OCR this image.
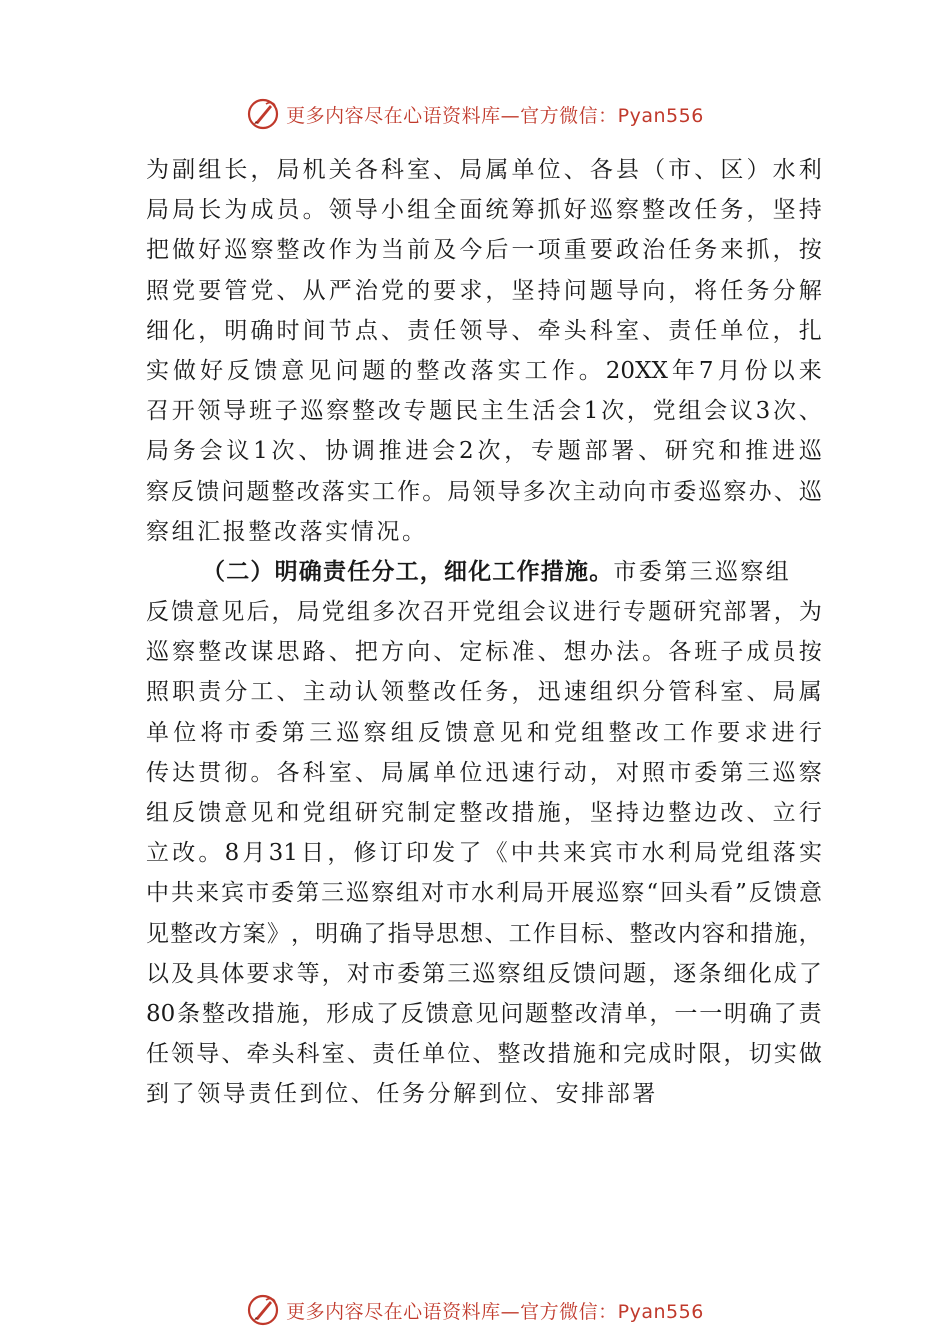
更多内容尽在心语资料库—官方微信：Pyan556
为 副 组 长 ， 局 机 关 各 科 室 、 局 属 单 位 、 各 县 （ 市 、 区 ） 水 利
局 局 长 为 成 员 。 领 导 小 组 全 面 统 筹 抓 好 巡 察 整 改 任 务 ， 坚 持
把 做 好 巡 察 整 改 作 为 当 前 及 今 后 一 项 重 要 政 治 任 务 来 抓 ， 按
照 党 要 管 党 、 从 严 治 党 的 要 求 ， 坚 持 问 题 导 向 ， 将 任 务 分 解
细 化 ， 明 确 时 间 节 点 、 责 任 领 导 、 牵 头 科 室 、 责 任 单 位 ， 扎
实 做 好 反 馈 意 见 问 题 的 整 改 落 实 工 作 。 20XX 年 7 月 份 以 来
召 开 领 导 班 子 巡 察 整 改 专 题 民 主 生 活 会 1 次 ， 党 组 会 议 3 次 、
局 务 会 议 1 次 、 协 调 推 进 会 2 次 ， 专 题 部 署 、 研 究 和 推 进 巡
察 反 馈 问 题 整 改 落 实 工 作 。 局 领 导 多 次 主 动 向 市 委 巡 察 办 、 巡
察组汇报整改落实情况。
（二）明确责任分工，细化工作措施。 市委第三巡察组
反 馈 意 见 后 ， 局 党 组 多 次 召 开 党 组 会 议 进 行 专 题 研 究 部 署 ， 为
巡 察 整 改 谋 思 路 、 把 方 向 、 定 标 准 、 想 办 法 。 各 班 子 成 员 按
照 职 责 分 工 、 主 动 认 领 整 改 任 务 ， 迅 速 组 织 分 管 科 室 、 局 属
单 位 将 市 委 第 三 巡 察 组 反 馈 意 见 和 党 组 整 改 工 作 要 求 进 行
传 达 贯 彻 。 各 科 室 、 局 属 单 位 迅 速 行 动 ， 对 照 市 委 第 三 巡 察
组 反 馈 意 见 和 党 组 研 究 制 定 整 改 措 施 ， 坚 持 边 整 边 改 、 立 行
立 改 。 8 月 31 日 ， 修 订 印 发 了 《 中 共 来 宾 市 水 利 局 党 组 落 实
中 共 来 宾 市 委 第 三 巡 察 组 对 市 水 利 局 开 展 巡 察 “ 回 头 看 ” 反 馈 意
见 整 改 方 案 》 ， 明 确 了 指 导 思 想 、 工 作 目 标 、 整 改 内 容 和 措 施 ，
以 及 具 体 要 求 等 ， 对 市 委 第 三 巡 察 组 反 馈 问 题 ， 逐 条 细 化 成 了
80 条 整 改 措 施 ， 形 成 了 反 馈 意 见 问 题 整 改 清 单 ， 一 一 明 确 了 责
任 领 导 、 牵 头 科 室 、 责 任 单 位 、 整 改 措 施 和 完 成 时 限 ， 切 实 做
到了领导责任到位、任务分解到位、安排部署
更多内容尽在心语资料库—官方微信：Pyan556
